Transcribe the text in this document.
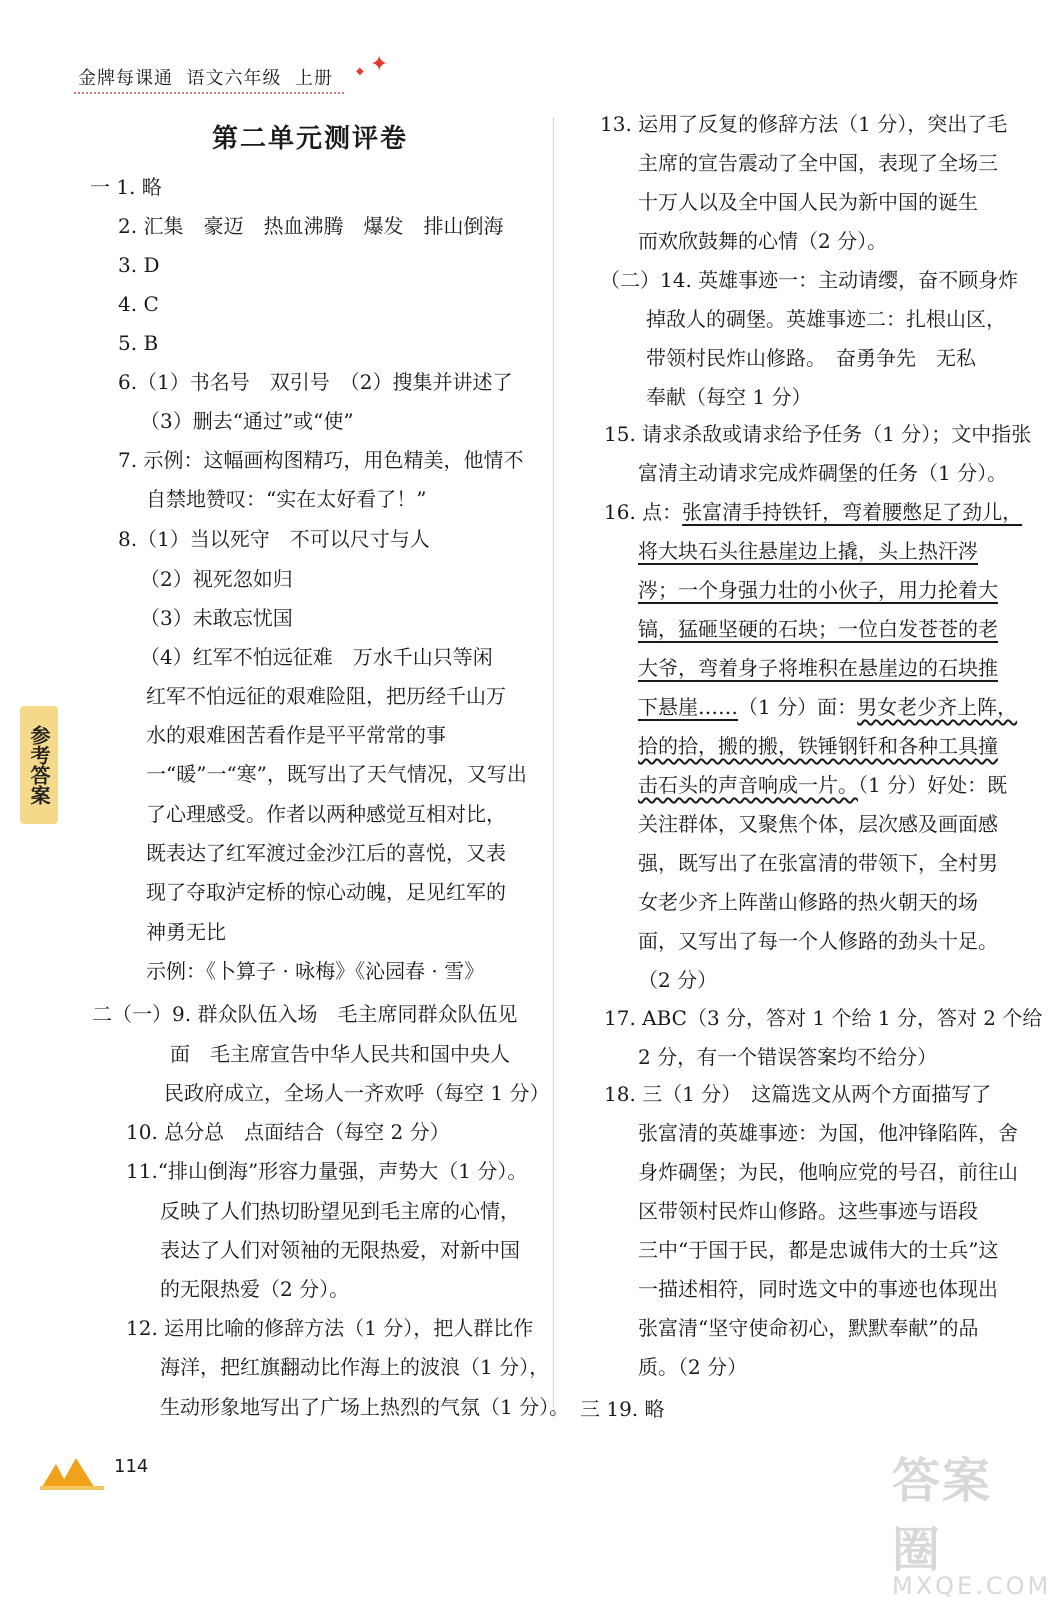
金牌每课通 语文六年级 上册
✦
◆
第二单元测评卷
一 1. 略
2. 汇集　豪迈　热血沸腾　爆发　排山倒海
3. D
4. C
5. B
6.（1）书名号　双引号　（2）搜集并讲述了
（3）删去“通过”或“使”
7. 示例：这幅画构图精巧，用色精美，他情不
自禁地赞叹：“实在太好看了！”
8.（1）当以死守　不可以尺寸与人
（2）视死忽如归
（3）未敢忘忧国
（4）红军不怕远征难　万水千山只等闲
红军不怕远征的艰难险阻，把历经千山万
水的艰难困苦看作是平平常常的事
一“暖”一“寒”，既写出了天气情况，又写出
了心理感受。作者以两种感觉互相对比，
既表达了红军渡过金沙江后的喜悦，又表
现了夺取泸定桥的惊心动魄，足见红军的
神勇无比
示例：《卜算子 · 咏梅》《沁园春 · 雪》
二（一）9. 群众队伍入场　毛主席同群众队伍见
面　毛主席宣告中华人民共和国中央人
民政府成立，全场人一齐欢呼（每空 1 分）
10. 总分总　点面结合（每空 2 分）
11.“排山倒海”形容力量强，声势大（1 分）。
反映了人们热切盼望见到毛主席的心情，
表达了人们对领袖的无限热爱，对新中国
的无限热爱（2 分）。
12. 运用比喻的修辞方法（1 分），把人群比作
海洋，把红旗翻动比作海上的波浪（1 分），
生动形象地写出了广场上热烈的气氛（1 分）。
13. 运用了反复的修辞方法（1 分），突出了毛
主席的宣告震动了全中国，表现了全场三
十万人以及全中国人民为新中国的诞生
而欢欣鼓舞的心情（2 分）。
（二）14. 英雄事迹一：主动请缨，奋不顾身炸
掉敌人的碉堡。英雄事迹二：扎根山区，
带领村民炸山修路。　奋勇争先　无私
奉献（每空 1 分）
15. 请求杀敌或请求给予任务（1 分）；文中指张
富清主动请求完成炸碉堡的任务（1 分）。
16. 点：张富清手持铁钎，弯着腰憋足了劲儿，
将大块石头往悬崖边上撬，头上热汗涔
涔；一个身强力壮的小伙子，用力抡着大
镐，猛砸坚硬的石块；一位白发苍苍的老
大爷，弯着身子将堆积在悬崖边的石块推
下悬崖……（1 分）面：男女老少齐上阵，
拾的拾，搬的搬，铁锤钢钎和各种工具撞
击石头的声音响成一片。（1 分）好处：既
关注群体，又聚焦个体，层次感及画面感
强，既写出了在张富清的带领下，全村男
女老少齐上阵凿山修路的热火朝天的场
面，又写出了每一个人修路的劲头十足。
（2 分）
17. ABC（3 分，答对 1 个给 1 分，答对 2 个给
2 分，有一个错误答案均不给分）
18. 三（1 分）　这篇选文从两个方面描写了
张富清的英雄事迹：为国，他冲锋陷阵，舍
身炸碉堡；为民，他响应党的号召，前往山
区带领村民炸山修路。这些事迹与语段
三中“于国于民，都是忠诚伟大的士兵”这
一描述相符，同时选文中的事迹也体现出
张富清“坚守使命初心，默默奉献”的品
质。（2 分）
三 19. 略
参考答案
114	答案圈
MXQE.COM
